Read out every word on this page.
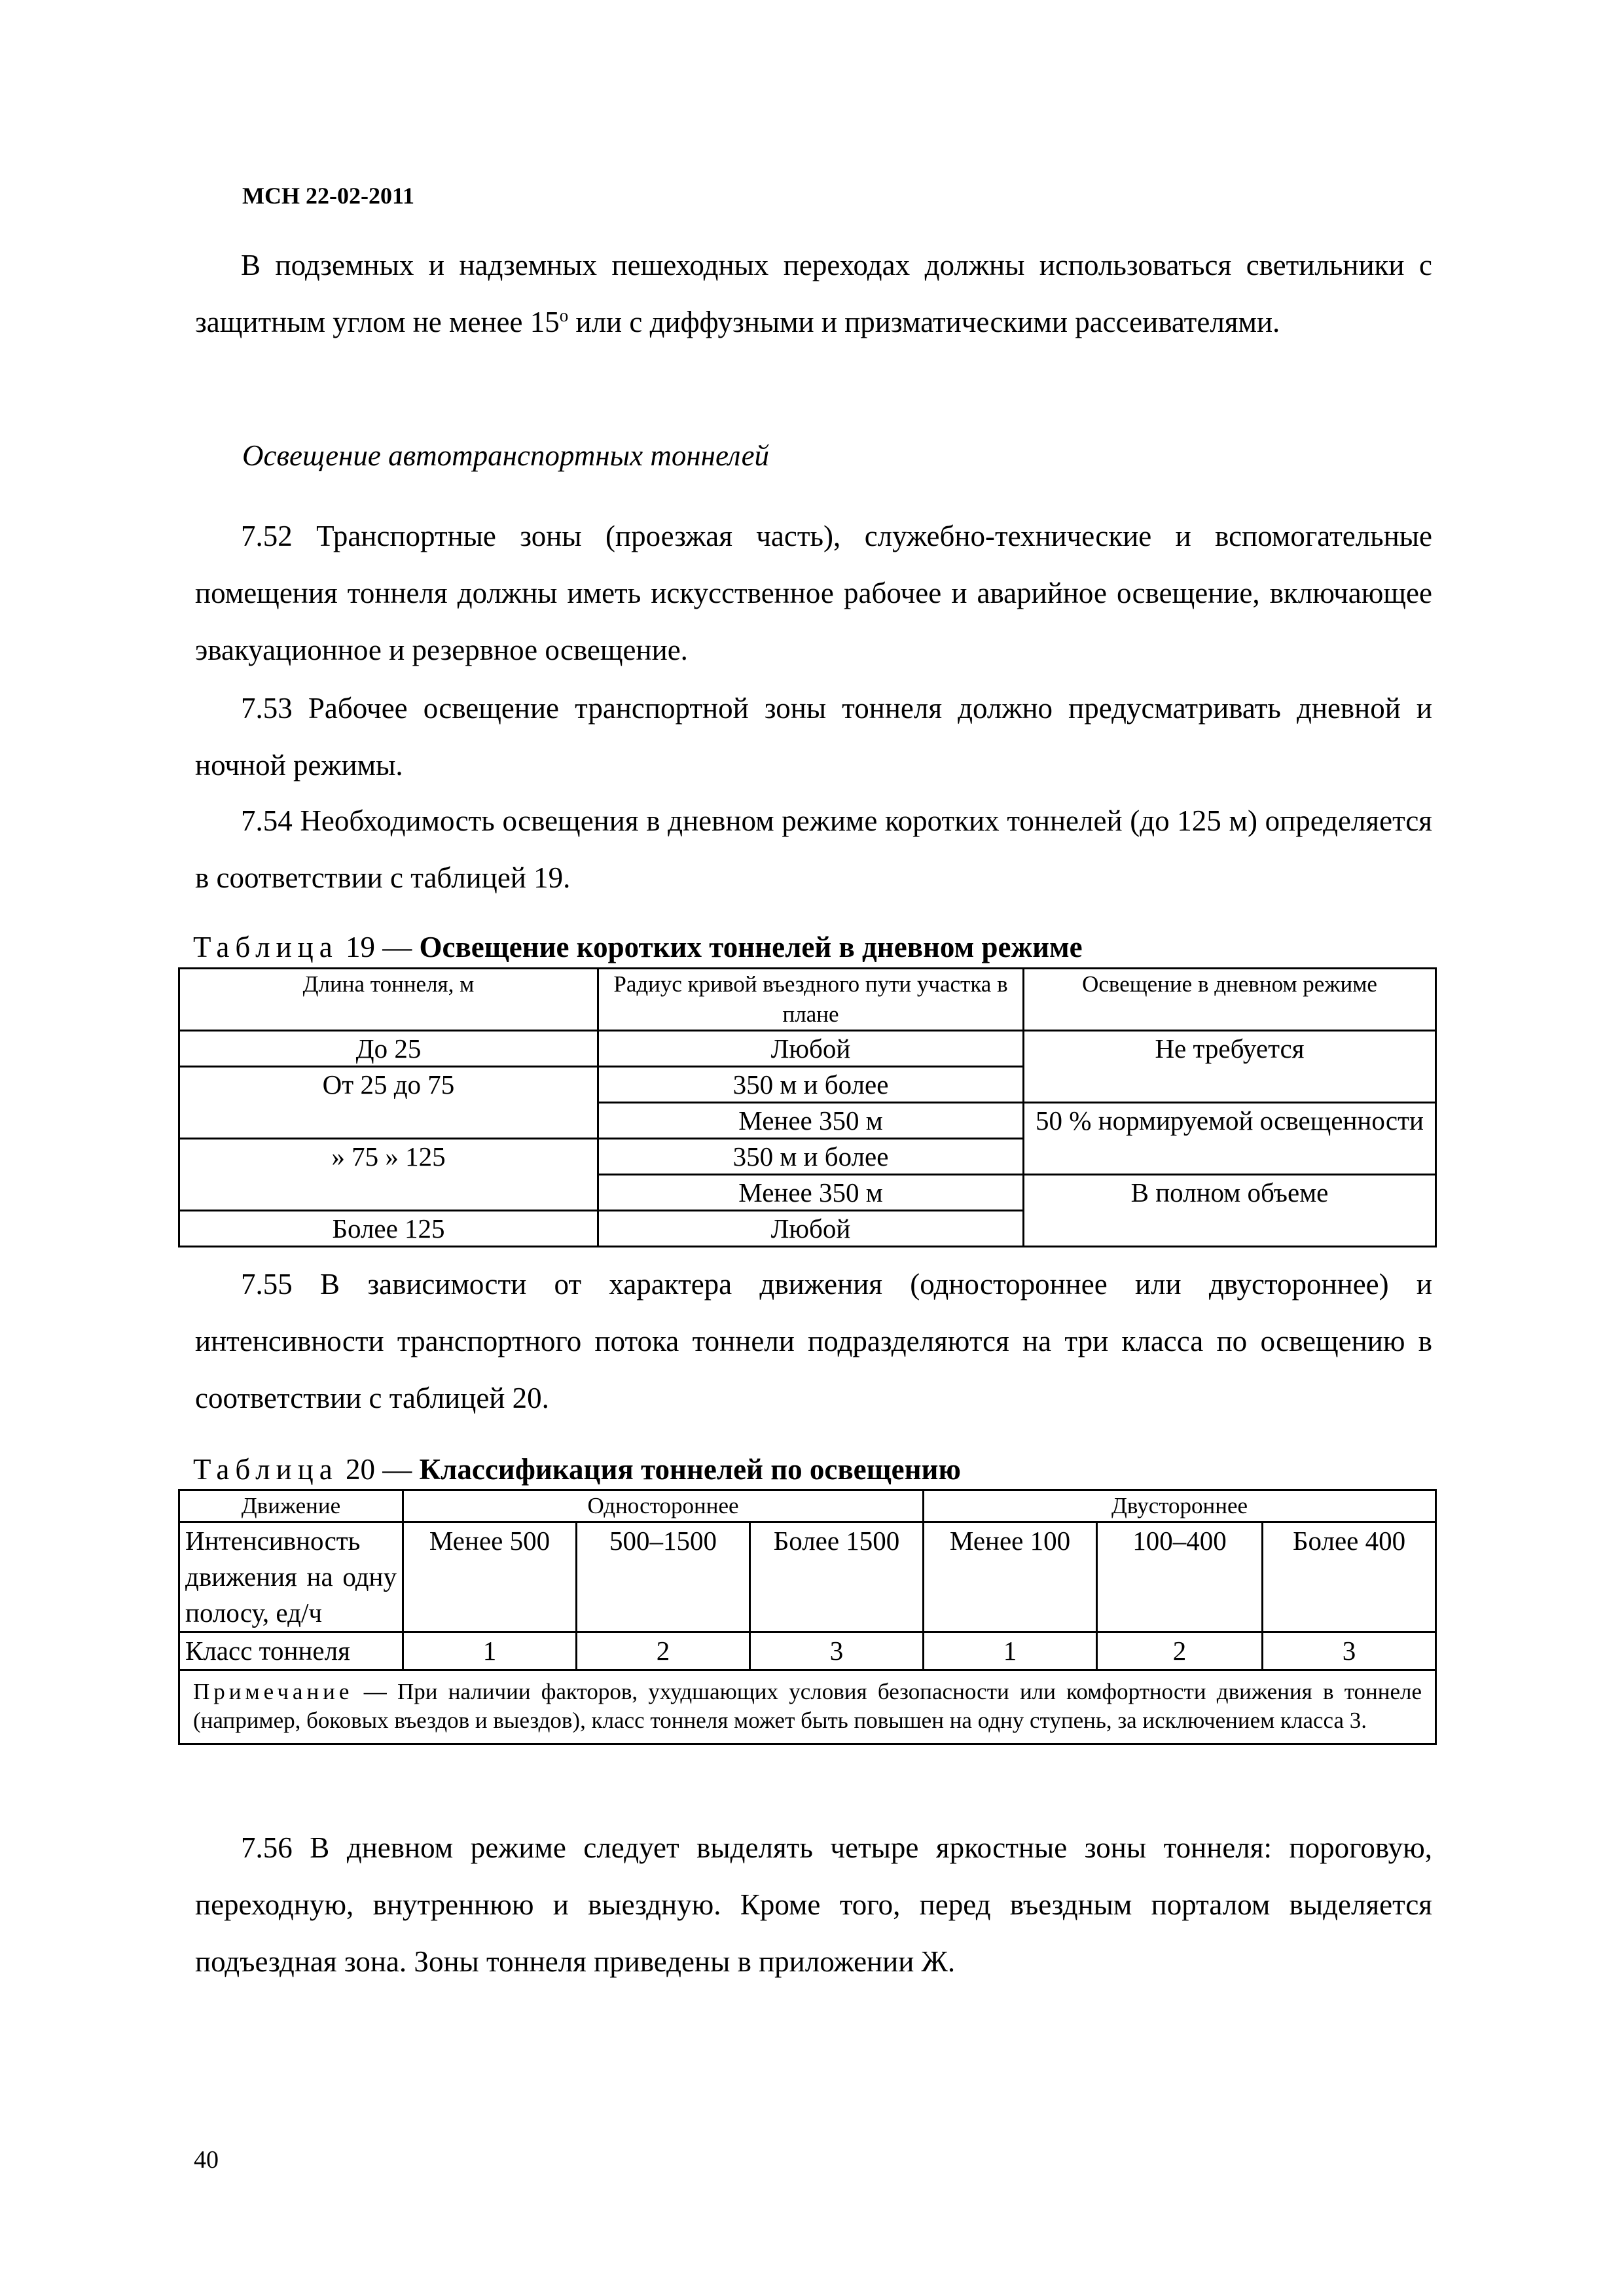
МСН 22-02-2011

В подземных и надземных пешеходных переходах должны использоваться светильники с защитным углом не менее $15^о$ или с диффузными и призматическими рассеивателями.

Освещение автотранспортных тоннелей

7.52 Транспортные зоны (проезжая часть), служебно-технические и вспомогательные помещения тоннеля должны иметь искусственное рабочее и аварийное освещение, включающее эвакуационное и резервное освещение.

7.53 Рабочее освещение транспортной зоны тоннеля должно предусматривать дневной и ночной режимы.

7.54 Необходимость освещения в дневном режиме коротких тоннелей (до 125 м) определяется в соответствии с таблицей 19.

Таблица 19 — Освещение коротких тоннелей в дневном режиме
Длина тоннеля, м	Радиус кривой въездного пути участка в плане	Освещение в дневном режиме
До 25	Любой	Не требуется
От 25 до 75	350 м и более	
	Менее 350 м	50 % нормируемой освещенности
» 75 » 125	350 м и более	
	Менее 350 м	В полном объеме
Более 125	Любой	

7.55 В зависимости от характера движения (одностороннее или двустороннее) и интенсивности транспортного потока тоннели подразделяются на три класса по освещению в соответствии с таблицей 20.

Таблица 20 — Классификация тоннелей по освещению
Движение	Одностороннее			Двустороннее		
Интенсивность движения на одну полосу, ед/ч	Менее 500	500–1500	Более 1500	Менее 100	100–400	Более 400
Класс тоннеля	1	2	3	1	2	3
Примечание — При наличии факторов, ухудшающих условия безопасности или комфортности движения в тоннеле (например, боковых въездов и выездов), класс тоннеля может быть повышен на одну ступень, за исключением класса 3.						

7.56 В дневном режиме следует выделять четыре яркостные зоны тоннеля: пороговую, переходную, внутреннюю и выездную. Кроме того, перед въездным порталом выделяется подъездная зона. Зоны тоннеля приведены в приложении Ж.

40
